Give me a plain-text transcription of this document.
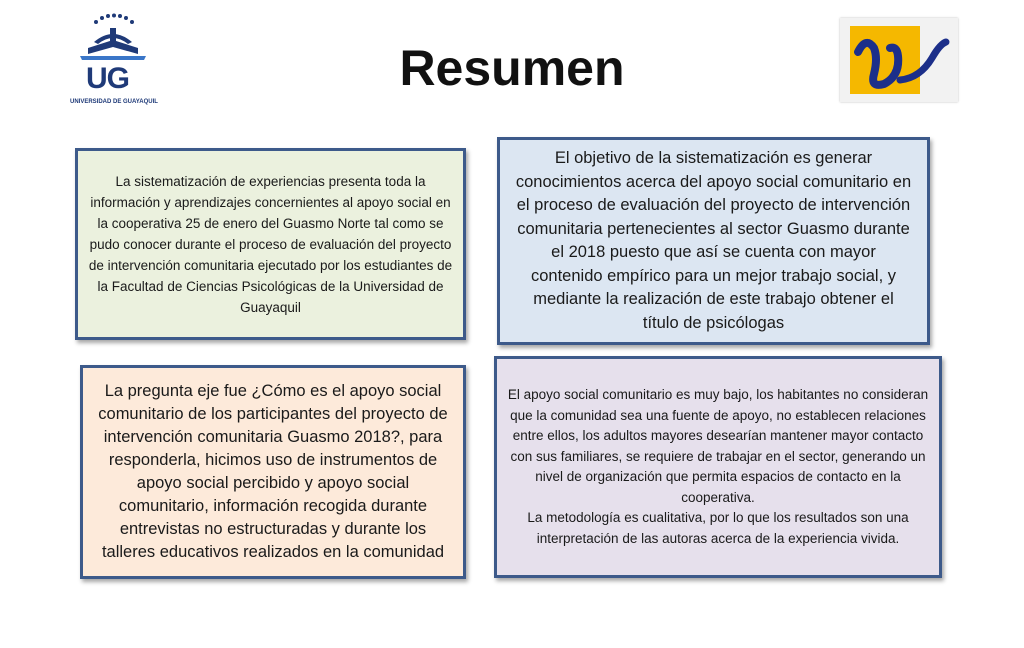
UG
UNIVERSIDAD DE GUAYAQUIL
Resumen

La sistematización de experiencias presenta toda la información y aprendizajes concernientes al apoyo social en la cooperativa 25 de enero del Guasmo Norte tal como se pudo conocer durante el proceso de evaluación del proyecto de intervención comunitaria ejecutado por los estudiantes de la Facultad de Ciencias Psicológicas de la Universidad de Guayaquil

El objetivo de la sistematización es generar conocimientos acerca del apoyo social comunitario en el proceso de evaluación del proyecto de intervención comunitaria pertenecientes al sector Guasmo durante el 2018 puesto que así se cuenta con mayor contenido empírico para un mejor trabajo social, y mediante la realización de este trabajo obtener el título de psicólogas

La pregunta eje fue ¿Cómo es el apoyo social comunitario de los participantes del proyecto de intervención comunitaria Guasmo 2018?, para responderla, hicimos uso de instrumentos de apoyo social percibido y apoyo social comunitario, información recogida durante entrevistas no estructuradas y durante los talleres educativos realizados en la comunidad

El apoyo social comunitario es muy bajo, los habitantes no consideran que la comunidad sea una fuente de apoyo, no establecen relaciones entre ellos, los adultos mayores desearían mantener mayor contacto con sus familiares, se requiere de trabajar en el sector, generando un nivel de organización que permita espacios de contacto en la cooperativa.

La metodología es cualitativa, por lo que los resultados son una interpretación de las autoras acerca de la experiencia vivida.
